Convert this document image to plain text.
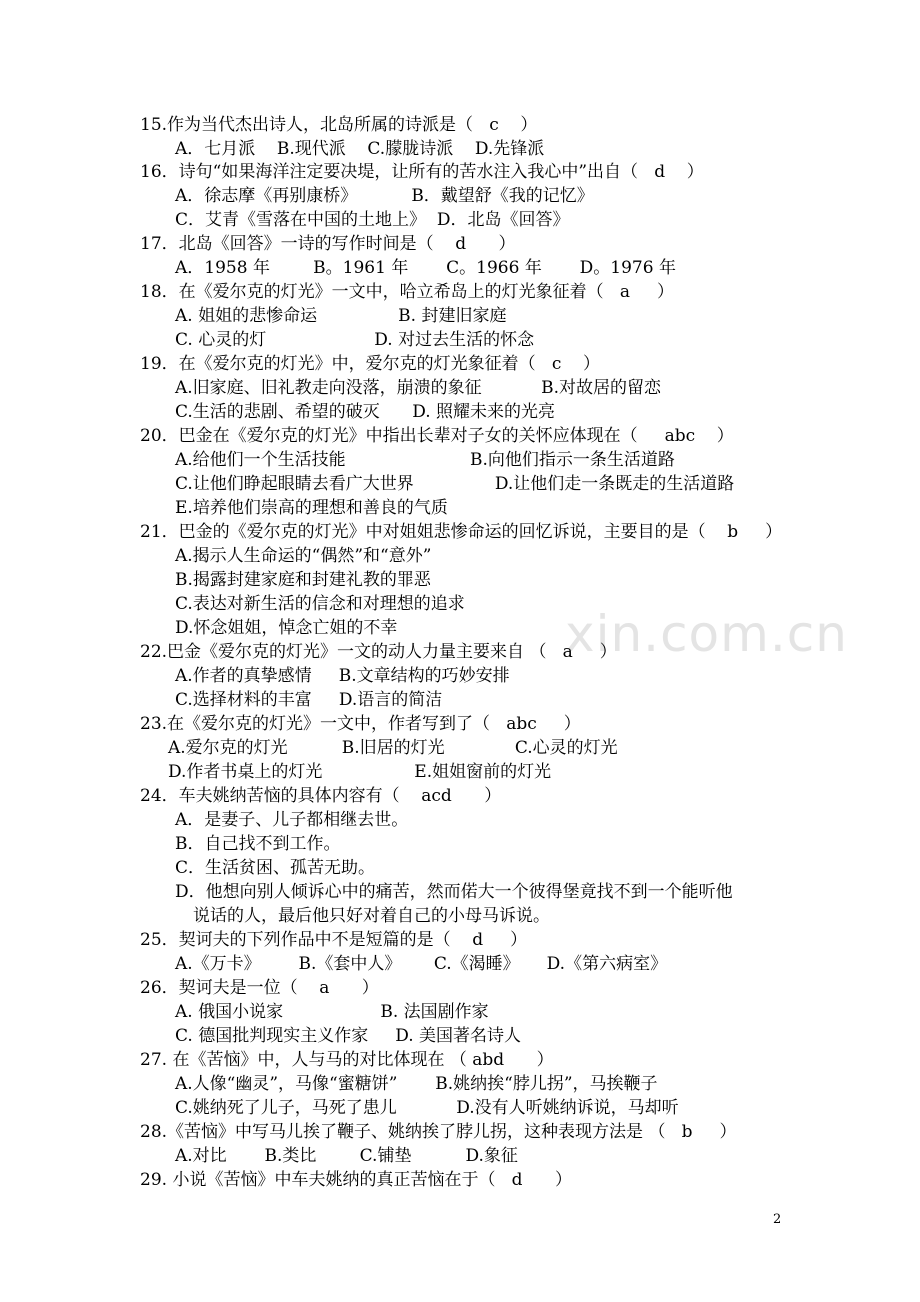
xin.com.cn
15.作为当代杰出诗人，北岛所属的诗派是（   c    ）
A．七月派    B.现代派    C.朦胧诗派    D.先锋派
16．诗句“如果海洋注定要决堤，让所有的苦水注入我心中”出自（   d    ）
A．徐志摩《再别康桥》          B．戴望舒《我的记忆》
C．艾青《雪落在中国的土地上》  D．北岛《回答》
17．北岛《回答》一诗的写作时间是（    d      ）
A．1958 年        B。1961 年       C。1966 年       D。1976 年
18．在《爱尔克的灯光》一文中，哈立希岛上的灯光象征着（   a     ）
A. 姐姐的悲惨命运               B. 封建旧家庭
C. 心灵的灯                    D. 对过去生活的怀念
19．在《爱尔克的灯光》中，爱尔克的灯光象征着（   c    ）
A.旧家庭、旧礼教走向没落，崩溃的象征           B.对故居的留恋
C.生活的悲剧、希望的破灭      D. 照耀未来的光亮
20．巴金在《爱尔克的灯光》中指出长辈对子女的关怀应体现在（     abc    ）
A.给他们一个生活技能                       B.向他们指示一条生活道路
C.让他们睁起眼睛去看广大世界               D.让他们走一条既走的生活道路
E.培养他们崇高的理想和善良的气质
21．巴金的《爱尔克的灯光》中对姐姐悲惨命运的回忆诉说，主要目的是（    b     ）
A.揭示人生命运的“偶然”和“意外”
B.揭露封建家庭和封建礼教的罪恶
C.表达对新生活的信念和对理想的追求
D.怀念姐姐，悼念亡姐的不幸
22.巴金《爱尔克的灯光》一文的动人力量主要来自 （   a     ）
A.作者的真挚感情     B.文章结构的巧妙安排
C.选择材料的丰富     D.语言的简洁
23.在《爱尔克的灯光》一文中，作者写到了（   abc     ）
A.爱尔克的灯光          B.旧居的灯光             C.心灵的灯光
D.作者书桌上的灯光                 E.姐姐窗前的灯光
24．车夫姚纳苦恼的具体内容有（    acd      ）
A．是妻子、儿子都相继去世。
B．自己找不到工作。
C．生活贫困、孤苦无助。
D．他想向别人倾诉心中的痛苦，然而偌大一个彼得堡竟找不到一个能听他
说话的人，最后他只好对着自己的小母马诉说。
25．契诃夫的下列作品中不是短篇的是（    d     ）
A.《万卡》       B.《套中人》      C.《渴睡》     D.《第六病室》
26．契诃夫是一位（    a      ）
A. 俄国小说家                  B. 法国剧作家
C. 德国批判现实主义作家     D. 美国著名诗人
27. 在《苦恼》中，人与马的对比体现在 （ abd      ）
A.人像“幽灵”，马像“蜜糖饼”       B.姚纳挨“脖儿拐”，马挨鞭子
C.姚纳死了儿子，马死了患儿           D.没有人听姚纳诉说，马却听
28.《苦恼》中写马儿挨了鞭子、姚纳挨了脖儿拐，这种表现方法是 （   b     ）
A.对比       B.类比        C.铺垫          D.象征
29. 小说《苦恼》中车夫姚纳的真正苦恼在于（   d      ）
2
